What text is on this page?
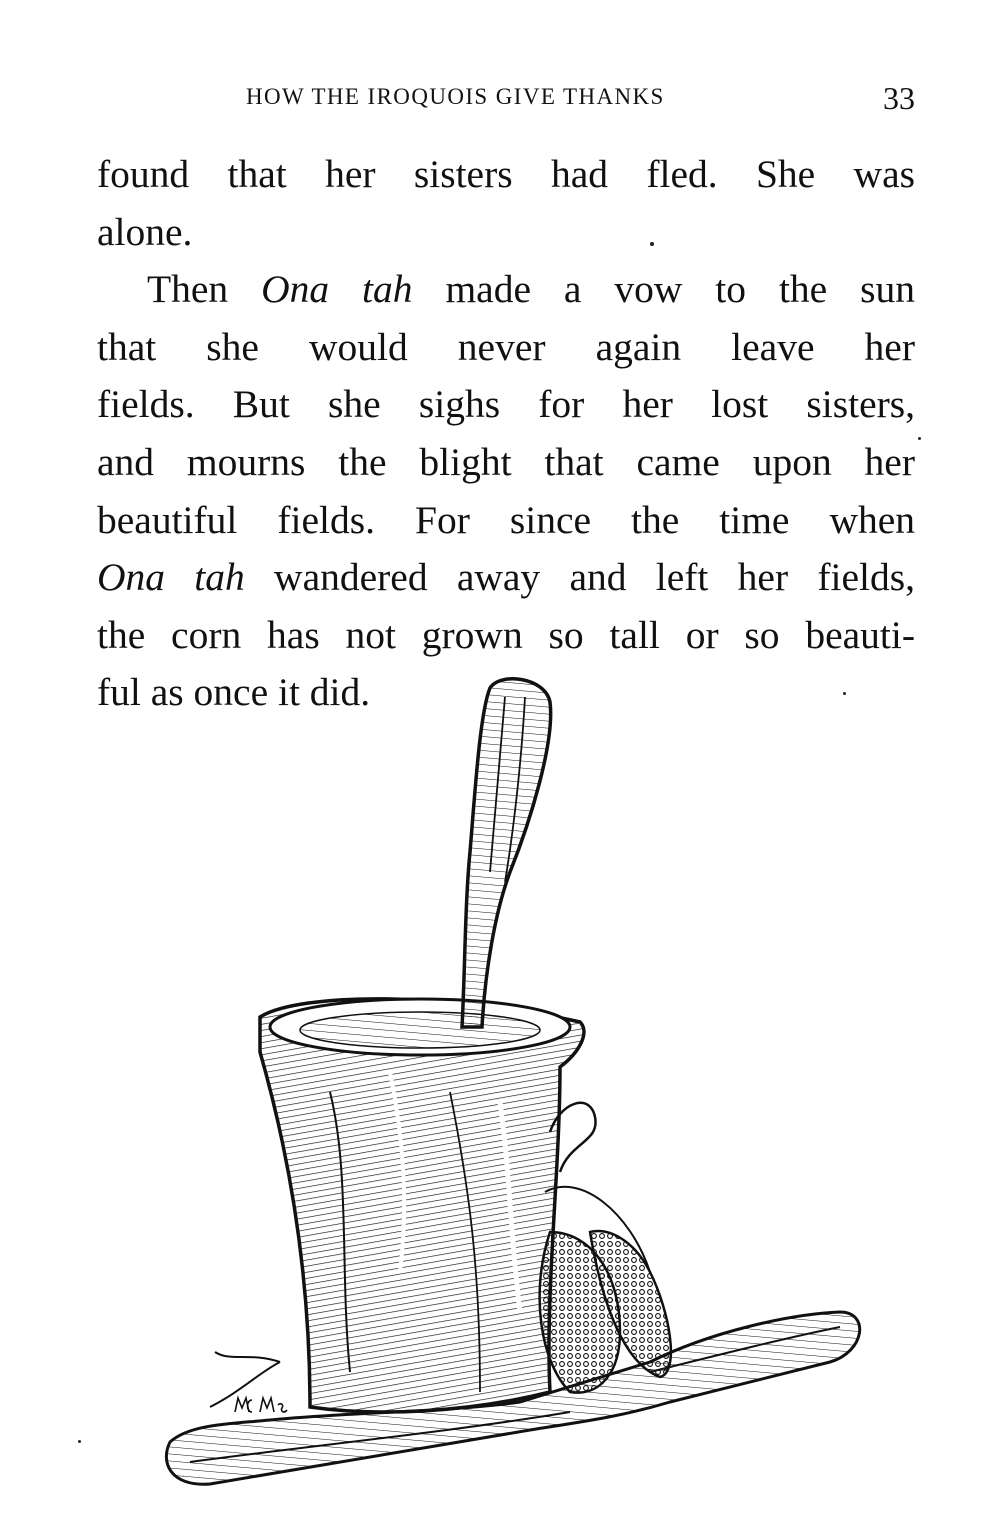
HOW THE IROQUOIS GIVE THANKS	33
found that her sisters had fled. She was
alone.
Then Ona tah made a vow to the sun
that she would never again leave her
fields. But she sighs for her lost sisters,
and mourns the blight that came upon her
beautiful fields. For since the time when
Ona tah wandered away and left her fields,
the corn has not grown so tall or so beauti-
ful as once it did.
